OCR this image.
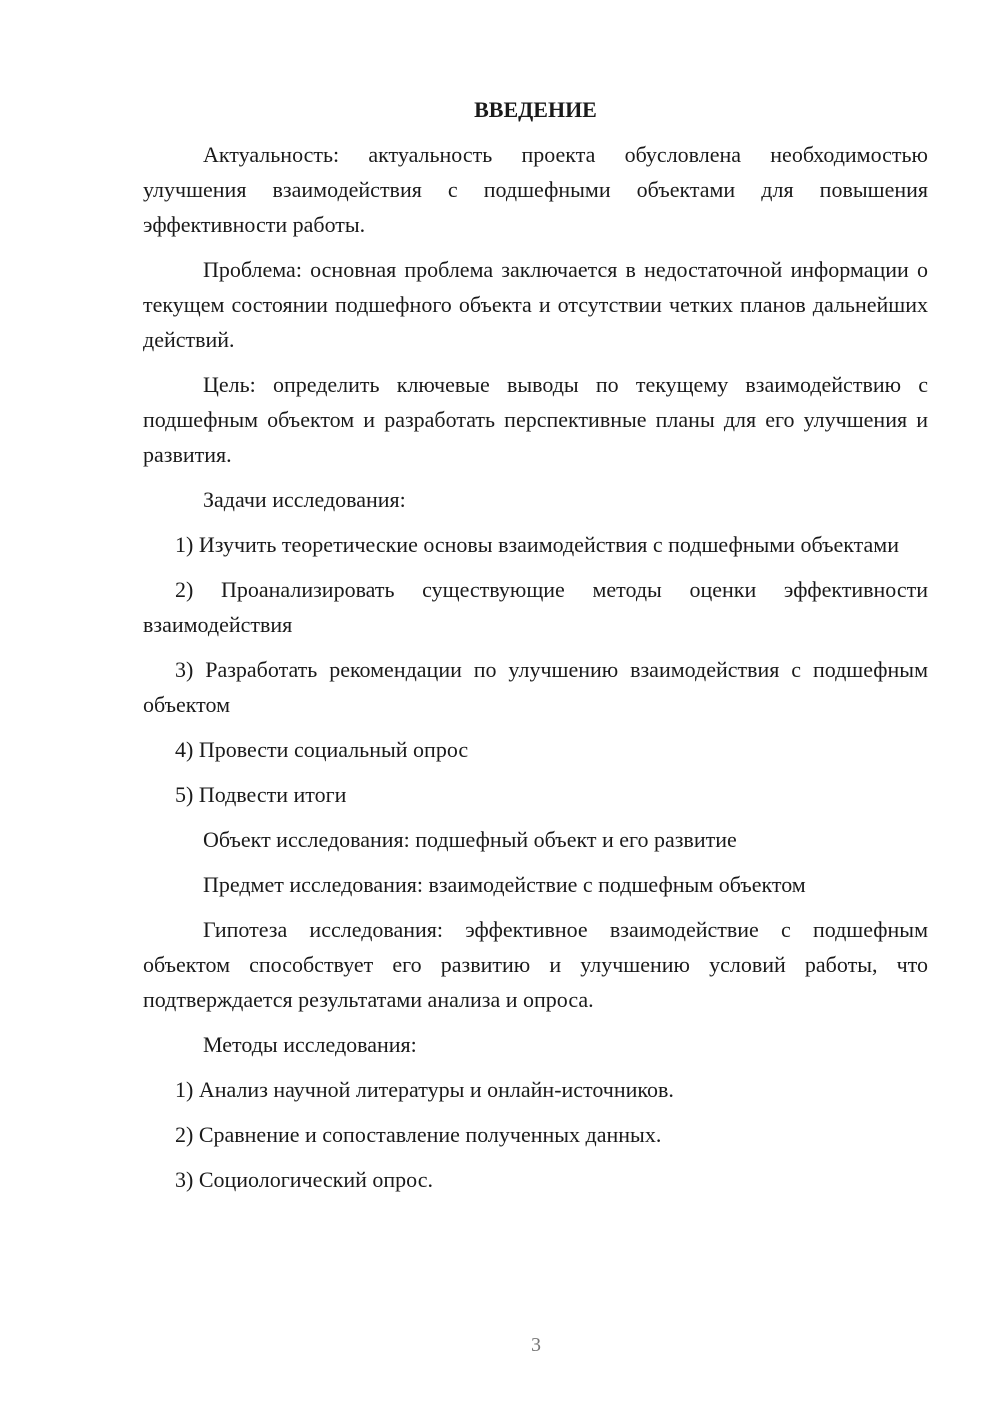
ВВЕДЕНИЕ

Актуальность: актуальность проекта обусловлена необходимостью улучшения взаимодействия с подшефными объектами для повышения эффективности работы.

Проблема: основная проблема заключается в недостаточной информации о текущем состоянии подшефного объекта и отсутствии четких планов дальнейших действий.

Цель: определить ключевые выводы по текущему взаимодействию с подшефным объектом и разработать перспективные планы для его улучшения и развития.

Задачи исследования:

1) Изучить теоретические основы взаимодействия с подшефными объектами

2) Проанализировать существующие методы оценки эффективности взаимодействия

3) Разработать рекомендации по улучшению взаимодействия с подшефным объектом

4) Провести социальный опрос

5) Подвести итоги

Объект исследования: подшефный объект и его развитие

Предмет исследования: взаимодействие с подшефным объектом

Гипотеза исследования: эффективное взаимодействие с подшефным объектом способствует его развитию и улучшению условий работы, что подтверждается результатами анализа и опроса.

Методы исследования:

1) Анализ научной литературы и онлайн-источников.

2) Сравнение и сопоставление полученных данных.

3) Социологический опрос.

3
